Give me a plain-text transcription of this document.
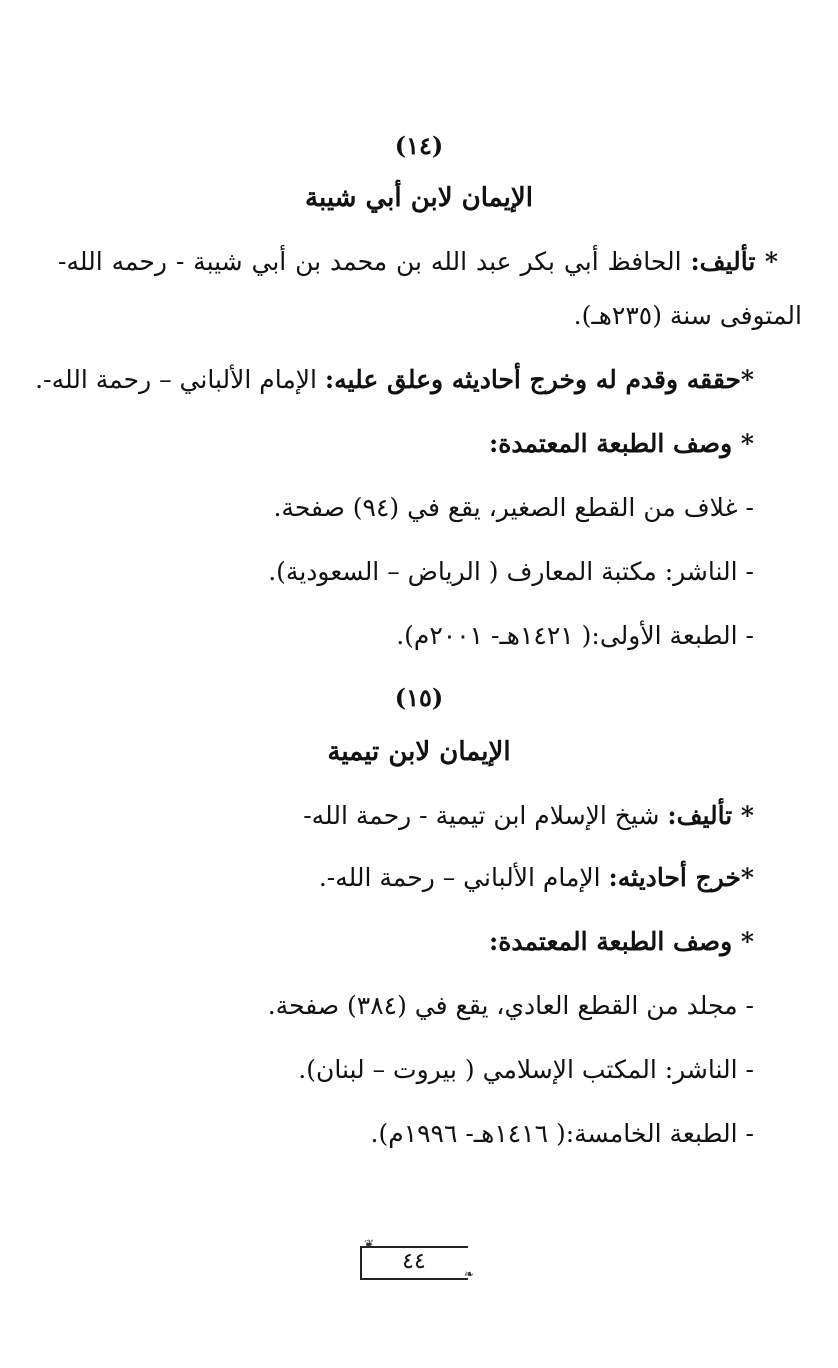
(١٤)
الإيمان لابن أبي شيبة
* تأليف: الحافظ أبي بكر عبد الله بن محمد بن أبي شيبة - رحمه الله-
المتوفى سنة (٢٣٥هـ).
*حققه وقدم له وخرج أحاديثه وعلق عليه: الإمام الألباني – رحمة الله-.
* وصف الطبعة المعتمدة:
- غلاف من القطع الصغير، يقع في (٩٤) صفحة.
- الناشر: مكتبة المعارف ( الرياض – السعودية).
- الطبعة الأولى:( ١٤٢١هـ- ٢٠٠١م).
(١٥)
الإيمان لابن تيمية
* تأليف: شيخ الإسلام ابن تيمية - رحمة الله-
*خرج أحاديثه: الإمام الألباني – رحمة الله-.
* وصف الطبعة المعتمدة:
- مجلد من القطع العادي، يقع في (٣٨٤) صفحة.
- الناشر: المكتب الإسلامي ( بيروت – لبنان).
- الطبعة الخامسة:( ١٤١٦هـ- ١٩٩٦م).
❦
❧
٤٤
